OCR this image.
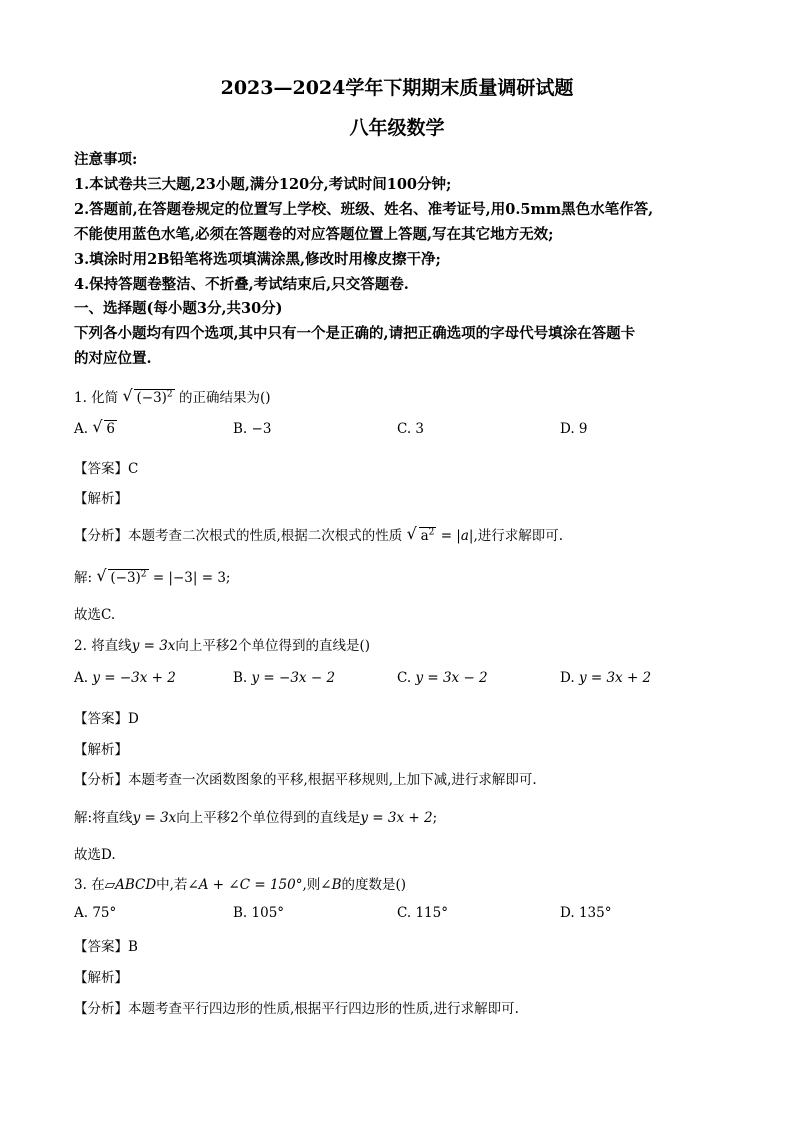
2023—2024学年下期期末质量调研试题
八年级数学
注意事项:
1.本试卷共三大题,23小题,满分120分,考试时间100分钟;
2.答题前,在答题卷规定的位置写上学校、班级、姓名、准考证号,用0.5mm黑色水笔作答,
不能使用蓝色水笔,必须在答题卷的对应答题位置上答题,写在其它地方无效;
3.填涂时用2B铅笔将选项填满涂黑,修改时用橡皮擦干净;
4.保持答题卷整洁、不折叠,考试结束后,只交答题卷.
一、选择题(每小题3分,共30分)
下列各小题均有四个选项,其中只有一个是正确的,请把正确选项的字母代号填涂在答题卡
的对应位置.
1. 化简 √ $(-3)^2$ 的正确结果为()
A. √ 6	B. −3	C. 3	D. 9
【答案】C
【解析】
【分析】本题考查二次根式的性质,根据二次根式的性质 √ $a^2 = |a|$,进行求解即可.
解: √ $(-3)^2 = |-3| = 3$;
故选C.
2. 将直线y = 3x向上平移2个单位得到的直线是()
A. y = −3x + 2	B. y = −3x − 2	C. y = 3x − 2	D. y = 3x + 2
【答案】D
【解析】
【分析】本题考查一次函数图象的平移,根据平移规则,上加下减,进行求解即可.
解:将直线y = 3x向上平移2个单位得到的直线是y = 3x + 2;
故选D.
3. 在▱ABCD中,若∠A + ∠C = 150°,则∠B的度数是()
A. 75°	B. 105°	C. 115°	D. 135°
【答案】B
【解析】
【分析】本题考查平行四边形的性质,根据平行四边形的性质,进行求解即可.
